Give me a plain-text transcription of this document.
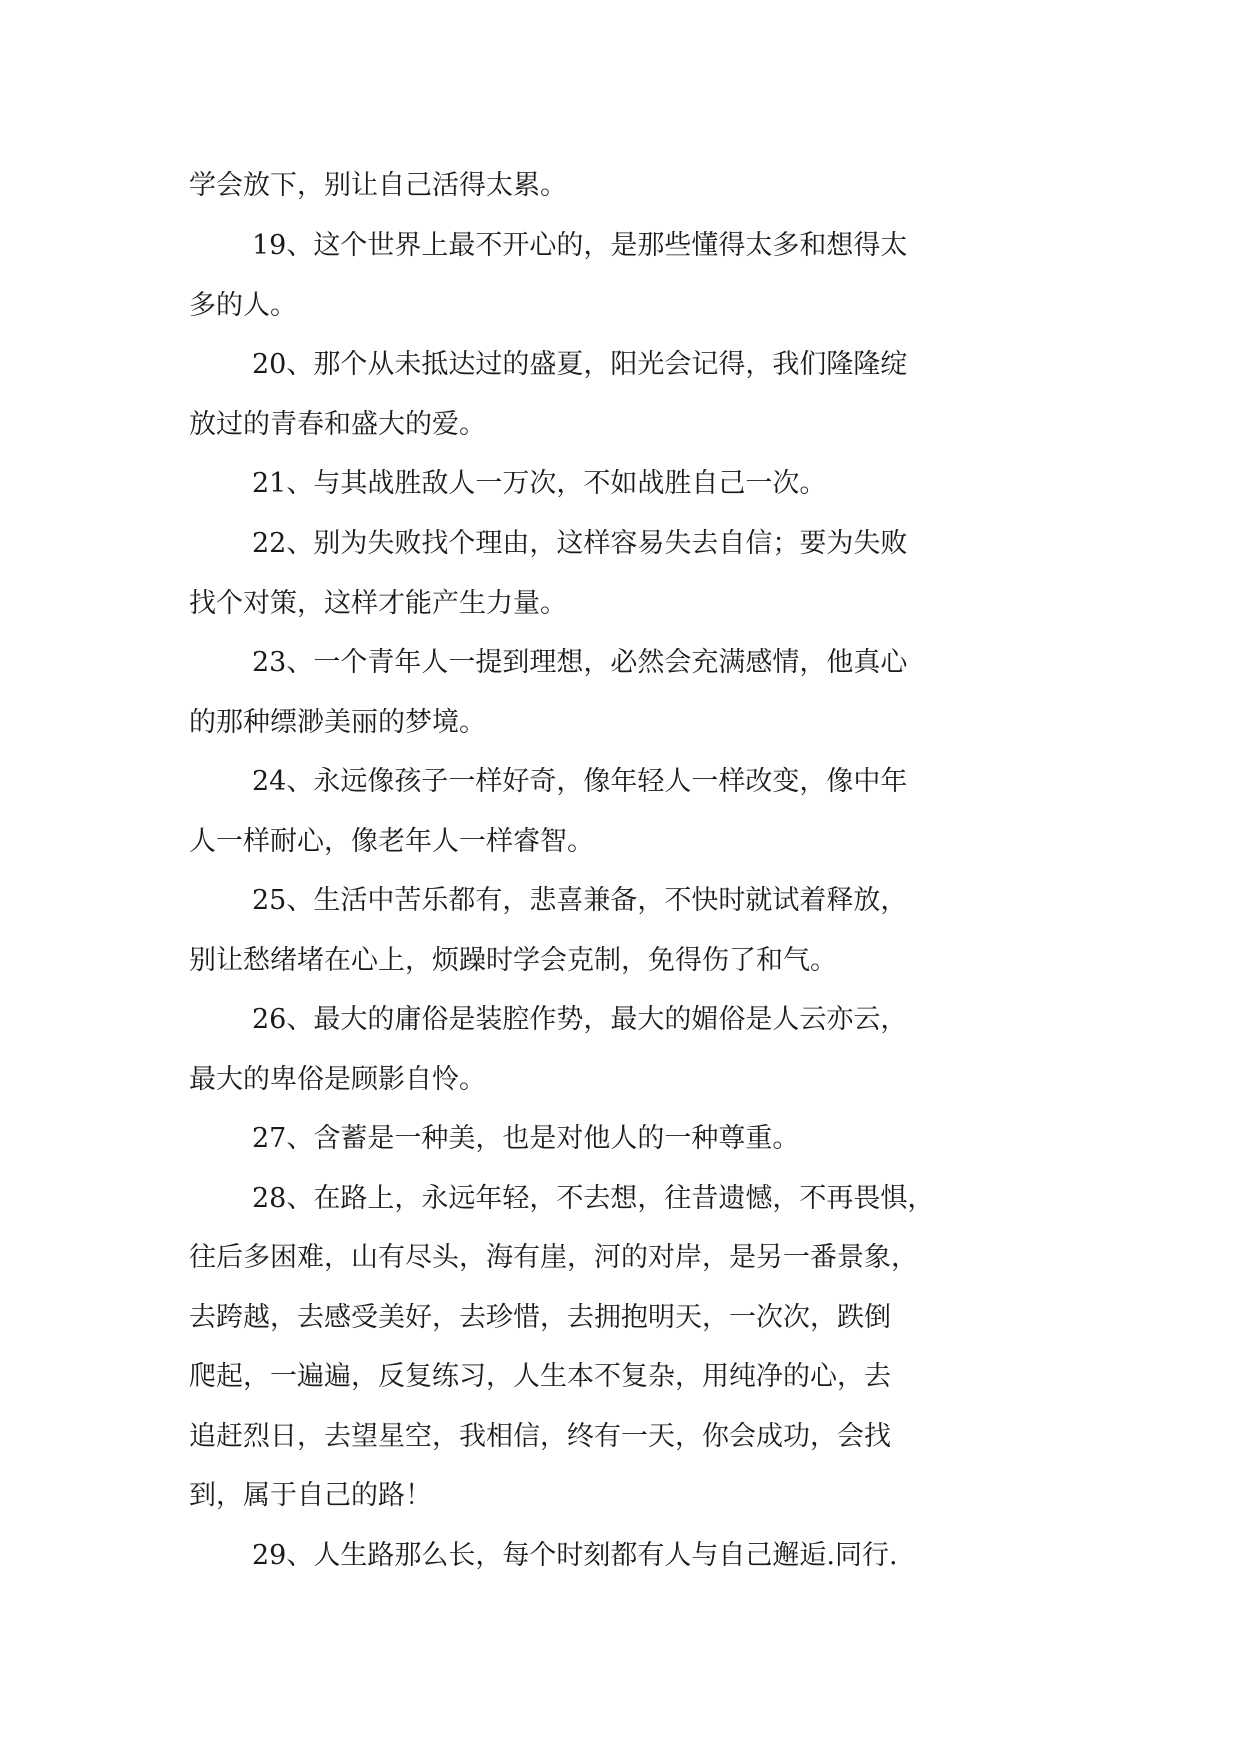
学会放下，别让自己活得太累。
19、这个世界上最不开心的，是那些懂得太多和想得太
多的人。
20、那个从未抵达过的盛夏，阳光会记得，我们隆隆绽
放过的青春和盛大的爱。
21、与其战胜敌人一万次，不如战胜自己一次。
22、别为失败找个理由，这样容易失去自信；要为失败
找个对策，这样才能产生力量。
23、一个青年人一提到理想，必然会充满感情，他真心
的那种缥渺美丽的梦境。
24、永远像孩子一样好奇，像年轻人一样改变，像中年
人一样耐心，像老年人一样睿智。
25、生活中苦乐都有，悲喜兼备，不快时就试着释放，
别让愁绪堵在心上，烦躁时学会克制，免得伤了和气。
26、最大的庸俗是装腔作势，最大的媚俗是人云亦云，
最大的卑俗是顾影自怜。
27、含蓄是一种美，也是对他人的一种尊重。
28、在路上，永远年轻，不去想，往昔遗憾，不再畏惧，
往后多困难，山有尽头，海有崖，河的对岸，是另一番景象，
去跨越，去感受美好，去珍惜，去拥抱明天，一次次，跌倒
爬起，一遍遍，反复练习，人生本不复杂，用纯净的心，去
追赶烈日，去望星空，我相信，终有一天，你会成功，会找
到，属于自己的路！
29、人生路那么长，每个时刻都有人与自己邂逅.同行.
